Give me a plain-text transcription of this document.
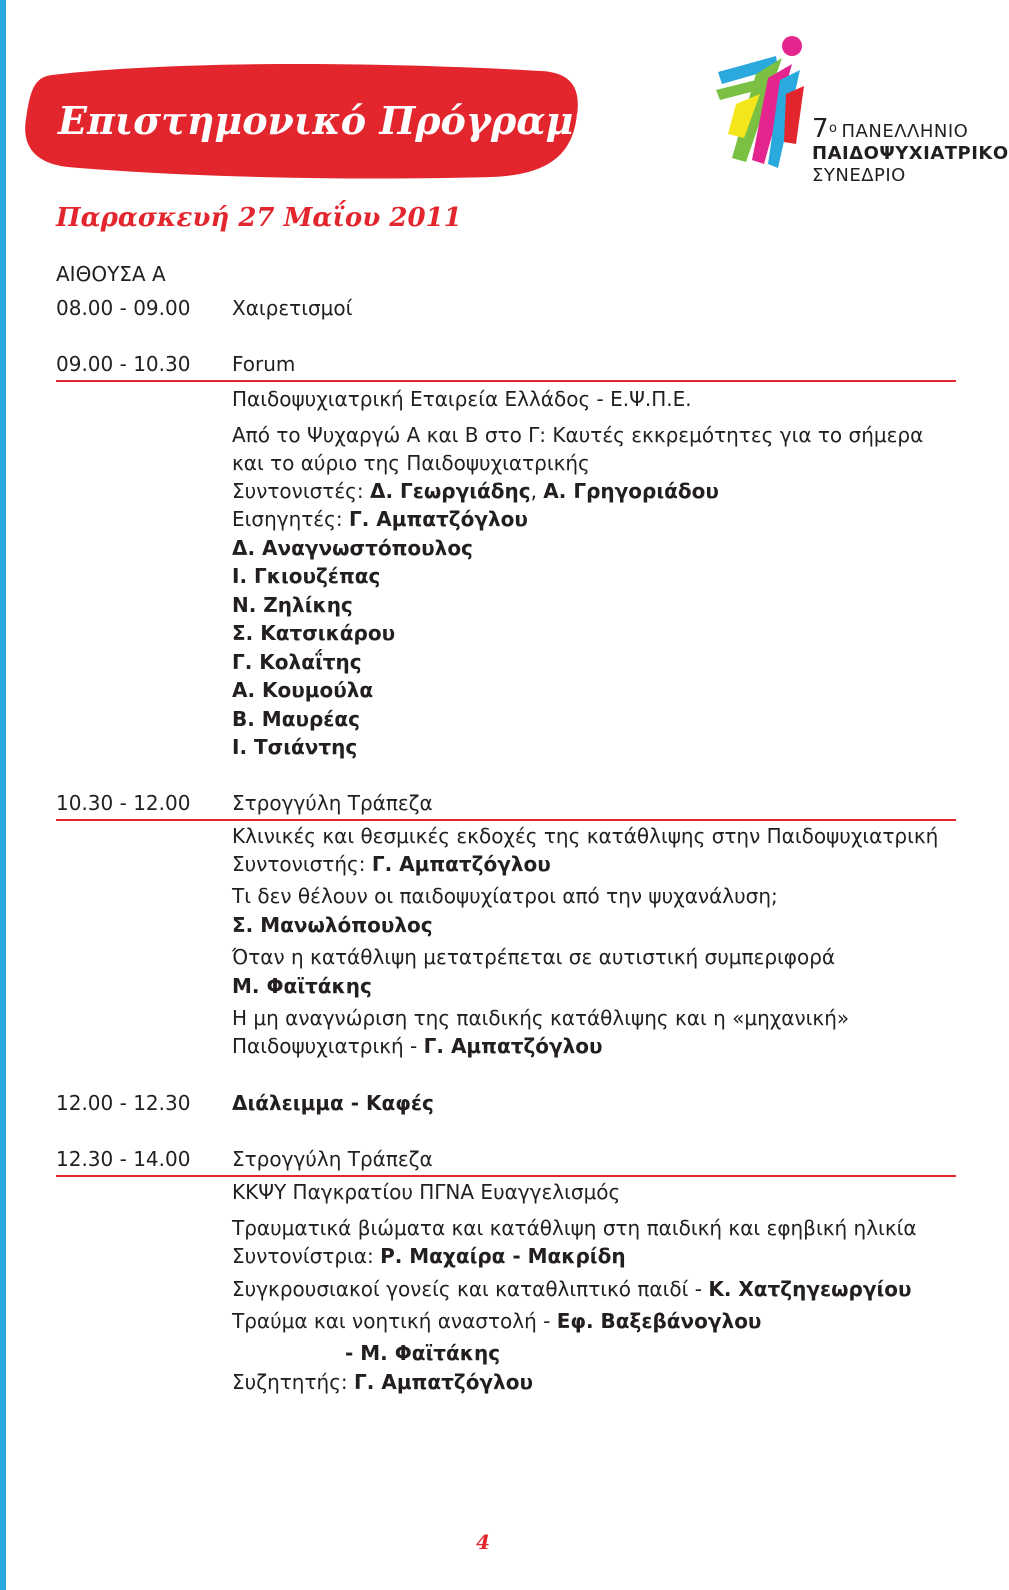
Επιστημονικό Πρόγραμμα	$7^o$ ΠΑΝΕΛΛΗΝΙΟ
ΠΑΙΔΟΨΥΧΙΑΤΡΙΚΟ
ΣΥΝΕΔΡΙΟ
Παρασκευή 27 Μαΐου 2011
ΑΙΘΟΥΣΑ Α
08.00 - 09.00 Χαιρετισμοί
09.00 - 10.30 Forum
Παιδοψυχιατρική Εταιρεία Ελλάδος - Ε.Ψ.Π.Ε.
Από το Ψυχαργώ Α και Β στο Γ: Καυτές εκκρεμότητες για το σήμερα
και το αύριο της Παιδοψυχιατρικής
Συντονιστές: Δ. Γεωργιάδης, Α. Γρηγοριάδου
Εισηγητές: Γ. Αμπατζόγλου
Δ. Αναγνωστόπουλος
Ι. Γκιουζέπας
Ν. Ζηλίκης
Σ. Κατσικάρου
Γ. Κολαΐτης
Α. Κουμούλα
Β. Μαυρέας
Ι. Τσιάντης
10.30 - 12.00 Στρογγύλη Τράπεζα
Κλινικές και θεσμικές εκδοχές της κατάθλιψης στην Παιδοψυχιατρική
Συντονιστής: Γ. Αμπατζόγλου
Τι δεν θέλουν οι παιδοψυχίατροι από την ψυχανάλυση;
Σ. Μανωλόπουλος
Όταν η κατάθλιψη μετατρέπεται σε αυτιστική συμπεριφορά
Μ. Φαϊτάκης
Η μη αναγνώριση της παιδικής κατάθλιψης και η «μηχανική»
Παιδοψυχιατρική - Γ. Αμπατζόγλου
12.00 - 12.30 Διάλειμμα - Καφές
12.30 - 14.00 Στρογγύλη Τράπεζα
ΚΚΨΥ Παγκρατίου ΠΓΝΑ Ευαγγελισμός
Τραυματικά βιώματα και κατάθλιψη στη παιδική και εφηβική ηλικία
Συντονίστρια: Ρ. Μαχαίρα - Μακρίδη
Συγκρουσιακοί γονείς και καταθλιπτικό παιδί - Κ. Χατζηγεωργίου
Τραύμα και νοητική αναστολή - Εφ. Βαξεβάνογλου
- Μ. Φαϊτάκης
Συζητητής: Γ. Αμπατζόγλου
4
